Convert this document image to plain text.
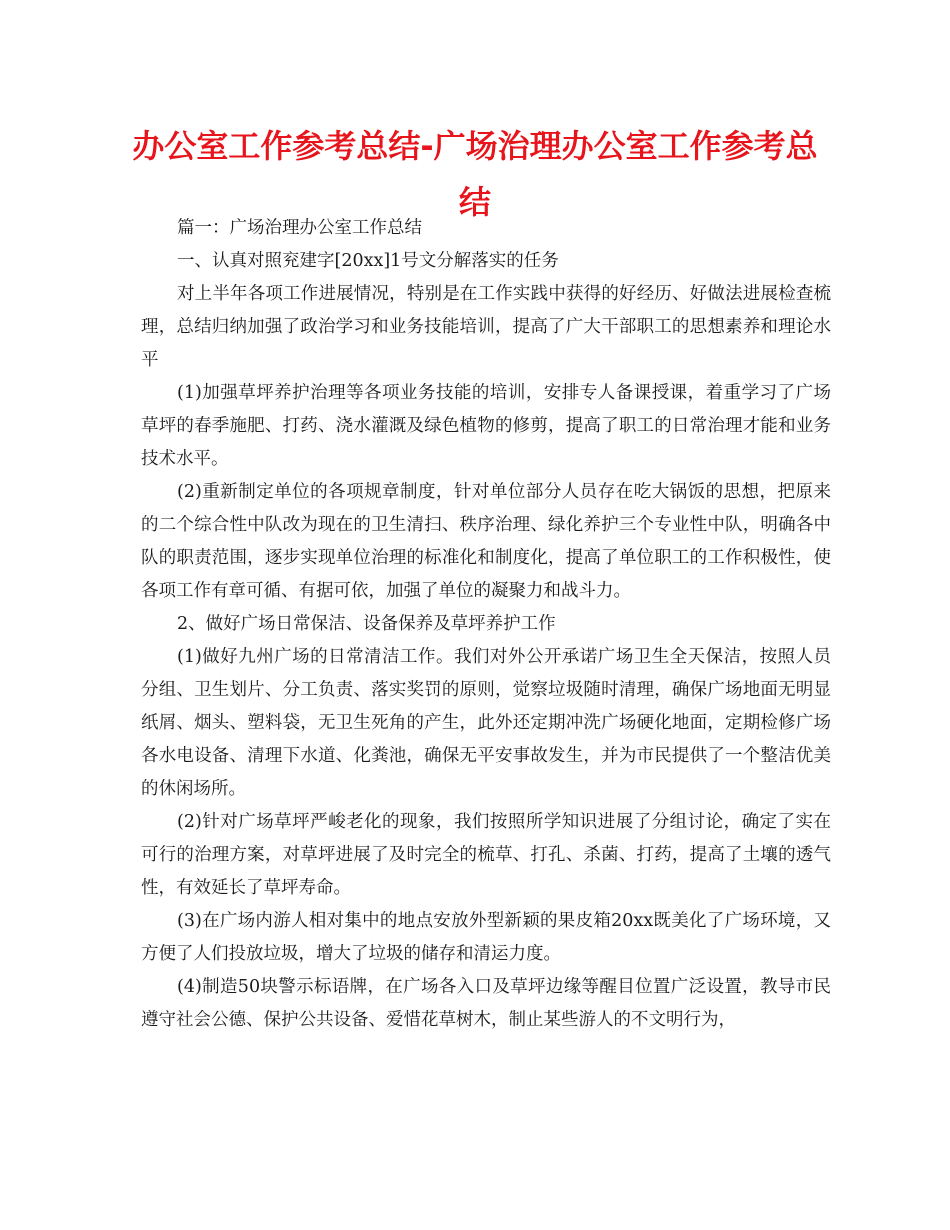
办公室工作参考总结-广场治理办公室工作参考总结

篇一：广场治理办公室工作总结

一、认真对照兖建字[20xx]1号文分解落实的任务

对上半年各项工作进展情况，特别是在工作实践中获得的好经历、好做法进展检查梳理，总结归纳加强了政治学习和业务技能培训，提高了广大干部职工的思想素养和理论水平

(1)加强草坪养护治理等各项业务技能的培训，安排专人备课授课，着重学习了广场草坪的春季施肥、打药、浇水灌溉及绿色植物的修剪，提高了职工的日常治理才能和业务技术水平。

(2)重新制定单位的各项规章制度，针对单位部分人员存在吃大锅饭的思想，把原来的二个综合性中队改为现在的卫生清扫、秩序治理、绿化养护三个专业性中队，明确各中队的职责范围，逐步实现单位治理的标准化和制度化，提高了单位职工的工作积极性，使各项工作有章可循、有据可依，加强了单位的凝聚力和战斗力。

2、做好广场日常保洁、设备保养及草坪养护工作

(1)做好九州广场的日常清洁工作。我们对外公开承诺广场卫生全天保洁，按照人员分组、卫生划片、分工负责、落实奖罚的原则，觉察垃圾随时清理，确保广场地面无明显纸屑、烟头、塑料袋，无卫生死角的产生，此外还定期冲洗广场硬化地面，定期检修广场各水电设备、清理下水道、化粪池，确保无平安事故发生，并为市民提供了一个整洁优美的休闲场所。

(2)针对广场草坪严峻老化的现象，我们按照所学知识进展了分组讨论，确定了实在可行的治理方案，对草坪进展了及时完全的梳草、打孔、杀菌、打药，提高了土壤的透气性，有效延长了草坪寿命。

(3)在广场内游人相对集中的地点安放外型新颖的果皮箱20xx既美化了广场环境，又方便了人们投放垃圾，增大了垃圾的储存和清运力度。

(4)制造50块警示标语牌，在广场各入口及草坪边缘等醒目位置广泛设置，教导市民遵守社会公德、保护公共设备、爱惜花草树木，制止某些游人的不文明行为，
